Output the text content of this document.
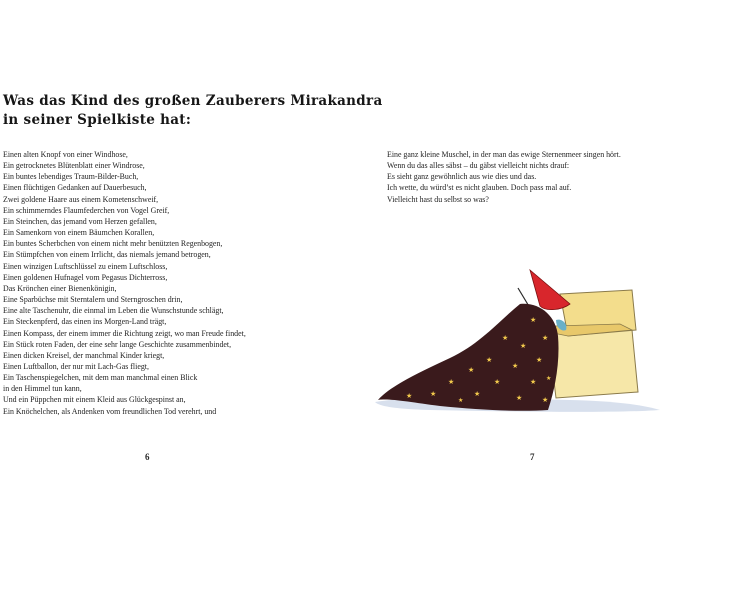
Was das Kind des großen Zauberers Mirakandra
in seiner Spielkiste hat:
Einen alten Knopf von einer Windhose,
Ein getrocknetes Blütenblatt einer Windrose,
Ein buntes lebendiges Traum-Bilder-Buch,
Einen flüchtigen Gedanken auf Dauerbesuch,
Zwei goldene Haare aus einem Kometenschweif,
Ein schimmerndes Flaumfederchen von Vogel Greif,
Ein Steinchen, das jemand vom Herzen gefallen,
Ein Samenkorn von einem Bäumchen Korallen,
Ein buntes Scherbchen von einem nicht mehr benützten Regenbogen,
Ein Stümpfchen von einem Irrlicht, das niemals jemand betrogen,
Einen winzigen Luftschlüssel zu einem Luftschloss,
Einen goldenen Hufnagel vom Pegasus Dichterross,
Das Krönchen einer Bienenkönigin,
Eine Sparbüchse mit Sterntalern und Sterngroschen drin,
Eine alte Taschenuhr, die einmal im Leben die Wunschstunde schlägt,
Ein Steckenpferd, das einen ins Morgen-Land trägt,
Einen Kompass, der einem immer die Richtung zeigt, wo man Freude findet,
Ein Stück roten Faden, der eine sehr lange Geschichte zusammenbindet,
Einen dicken Kreisel, der manchmal Kinder kriegt,
Einen Luftballon, der nur mit Lach-Gas fliegt,
Ein Taschenspiegelchen, mit dem man manchmal einen Blick
in den Himmel tun kann,
Und ein Püppchen mit einem Kleid aus Glückgespinst an,
Ein Knöchelchen, als Andenken vom freundlichen Tod verehrt, und
Eine ganz kleine Muschel, in der man das ewige Sternenmeer singen hört.
Wenn du das alles säbst – du gäbst vielleicht nichts drauf:
Es sieht ganz gewöhnlich aus wie dies und das.
Ich wette, du würd’st es nicht glauben. Doch pass mal auf.
Vielleicht hast du selbst so was?
6	7
★
★
★
★
★
★
★
★
★	★
★
★
★
★
★
★
★
★
